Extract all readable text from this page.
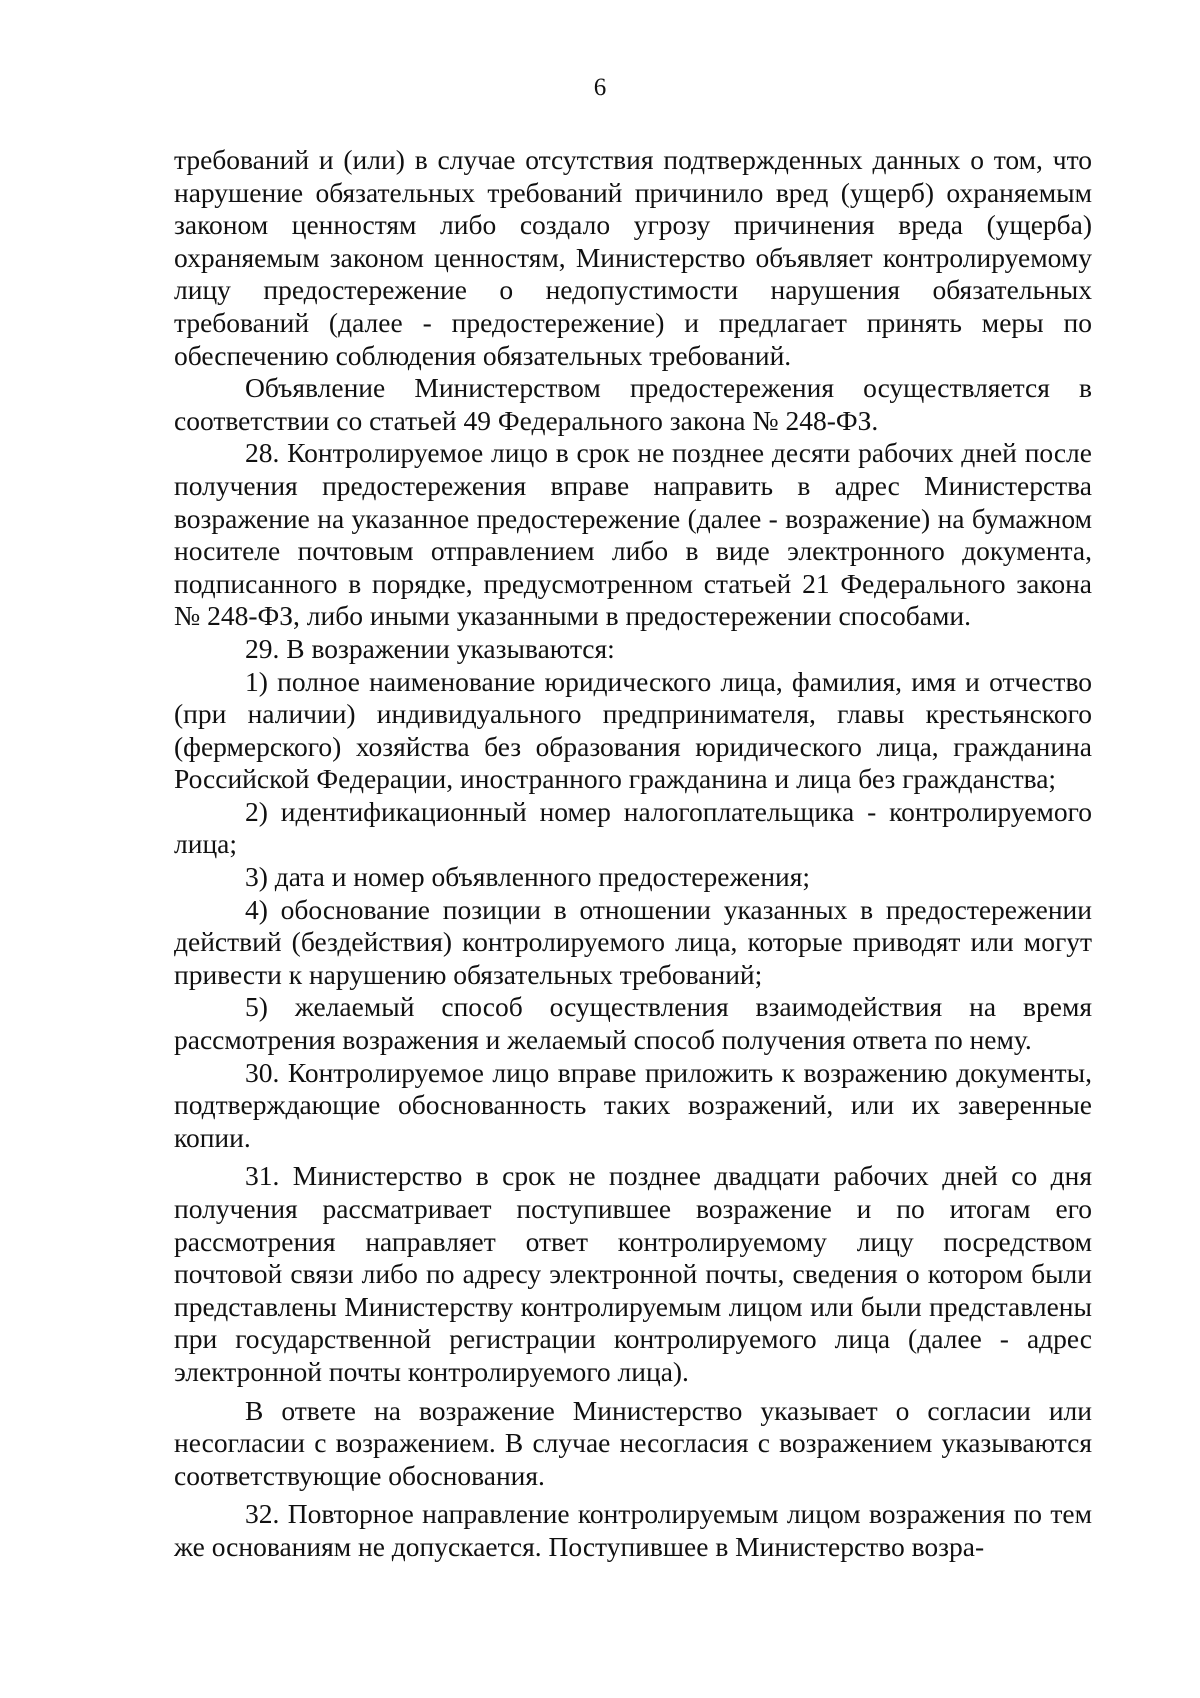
6

требований и (или) в случае отсутствия подтвержденных данных о том, что нарушение обязательных требований причинило вред (ущерб) охраняемым законом ценностям либо создало угрозу причинения вреда (ущерба) охраняемым законом ценностям, Министерство объявляет контролируемому лицу предостережение о недопустимости нарушения обязательных требований (далее - предостережение) и предлагает принять меры по обеспечению соблюдения обязательных требований.

Объявление Министерством предостережения осуществляется в соответствии со статьей 49 Федерального закона № 248-ФЗ.

28. Контролируемое лицо в срок не позднее десяти рабочих дней после получения предостережения вправе направить в адрес Министерства возражение на указанное предостережение (далее - возражение) на бумажном носителе почтовым отправлением либо в виде электронного документа, подписанного в порядке, предусмотренном статьей 21 Федерального закона № 248-ФЗ, либо иными указанными в предостережении способами.

29. В возражении указываются:

1) полное наименование юридического лица, фамилия, имя и отчество (при наличии) индивидуального предпринимателя, главы крестьянского (фермерского) хозяйства без образования юридического лица, гражданина Российской Федерации, иностранного гражданина и лица без гражданства;

2) идентификационный номер налогоплательщика - контролируемого лица;

3) дата и номер объявленного предостережения;

4) обоснование позиции в отношении указанных в предостережении действий (бездействия) контролируемого лица, которые приводят или могут привести к нарушению обязательных требований;

5) желаемый способ осуществления взаимодействия на время рассмотрения возражения и желаемый способ получения ответа по нему.

30. Контролируемое лицо вправе приложить к возражению документы, подтверждающие обоснованность таких возражений, или их заверенные копии.

31. Министерство в срок не позднее двадцати рабочих дней со дня получения рассматривает поступившее возражение и по итогам его рассмотрения направляет ответ контролируемому лицу посредством почтовой связи либо по адресу электронной почты, сведения о котором были представлены Министерству контролируемым лицом или были представлены при государственной регистрации контролируемого лица (далее - адрес электронной почты контролируемого лица).

В ответе на возражение Министерство указывает о согласии или несогласии с возражением. В случае несогласия с возражением указываются соответствующие обоснования.

32. Повторное направление контролируемым лицом возражения по тем же основаниям не допускается. Поступившее в Министерство возра-
